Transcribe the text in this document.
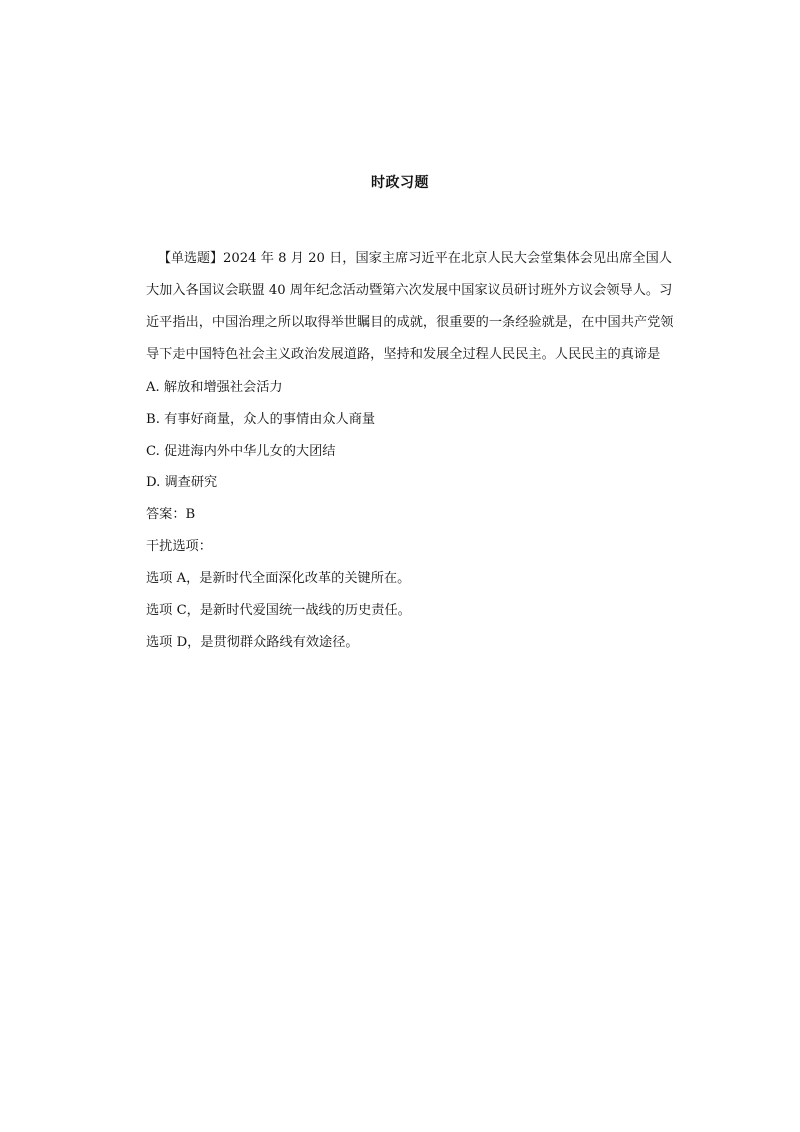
时政习题
【单选题】2024 年 8 月 20 日，国家主席习近平在北京人民大会堂集体会见出席全国人
大加入各国议会联盟 40 周年纪念活动暨第六次发展中国家议员研讨班外方议会领导人。习
近平指出，中国治理之所以取得举世瞩目的成就，很重要的一条经验就是，在中国共产党领
导下走中国特色社会主义政治发展道路，坚持和发展全过程人民民主。人民民主的真谛是
A. 解放和增强社会活力
B. 有事好商量，众人的事情由众人商量
C. 促进海内外中华儿女的大团结
D. 调查研究
答案：B
干扰选项：
选项 A，是新时代全面深化改革的关键所在。
选项 C，是新时代爱国统一战线的历史责任。
选项 D，是贯彻群众路线有效途径。
